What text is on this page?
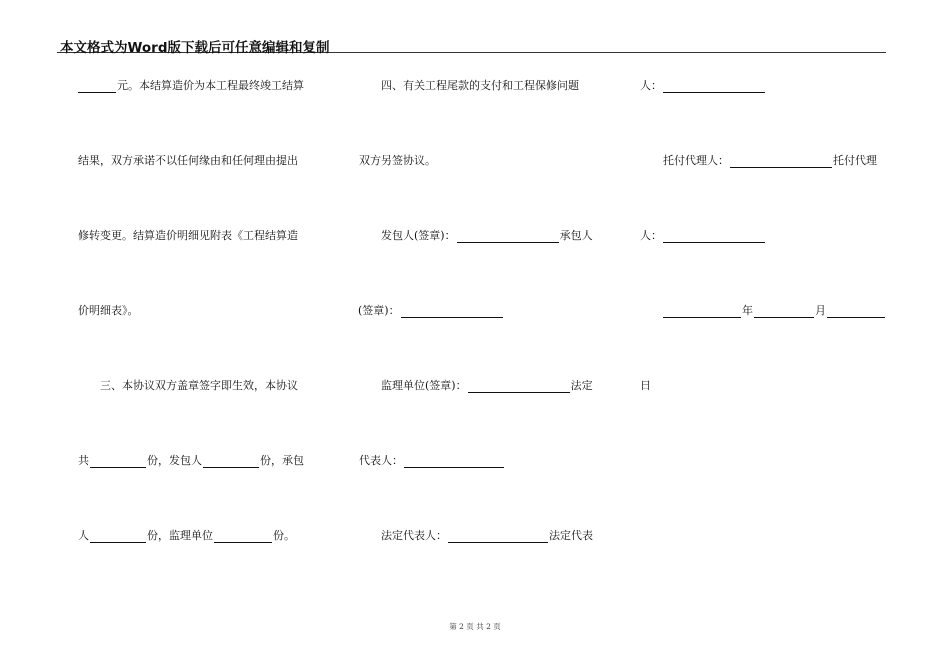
本文格式为Word版下载后可任意编辑和复制
元。本结算造价为本工程最终竣工结算
结果，双方承诺不以任何缘由和任何理由提出
修转变更。结算造价明细见附表《工程结算造
价明细表》。
三、本协议双方盖章签字即生效，本协议
共	份，发包人	份，承包
人	份，监理单位	份。
四、有关工程尾款的支付和工程保修问题
双方另签协议。
发包人(签章)：	承包人
(签章)：
监理单位(签章)：	法定
代表人：
法定代表人：	法定代表
人：
托付代理人：	托付代理
人：
年	月
日
第 2 页 共 2 页
